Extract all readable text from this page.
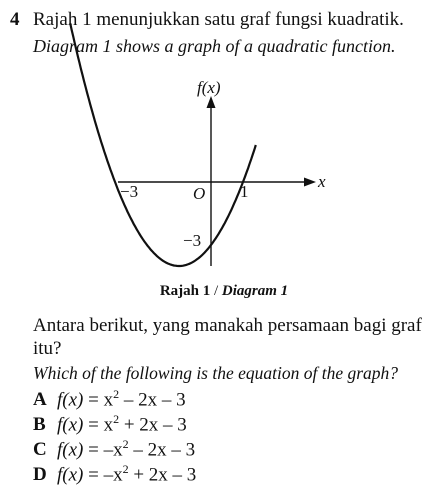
4 Rajah 1 menunjukkan satu graf fungsi kuadratik.
Diagram 1 shows a graph of a quadratic function.
f(x)
x
O
−3	1
−3
Rajah 1 / Diagram 1
Antara berikut, yang manakah persamaan bagi graf itu?
Which of the following is the equation of the graph?
A $f(x) = x^2 - 2x - 3$
B $f(x) = x^2 + 2x - 3$
C $f(x) = -x^2 - 2x - 3$
D $f(x) = -x^2 + 2x - 3$
